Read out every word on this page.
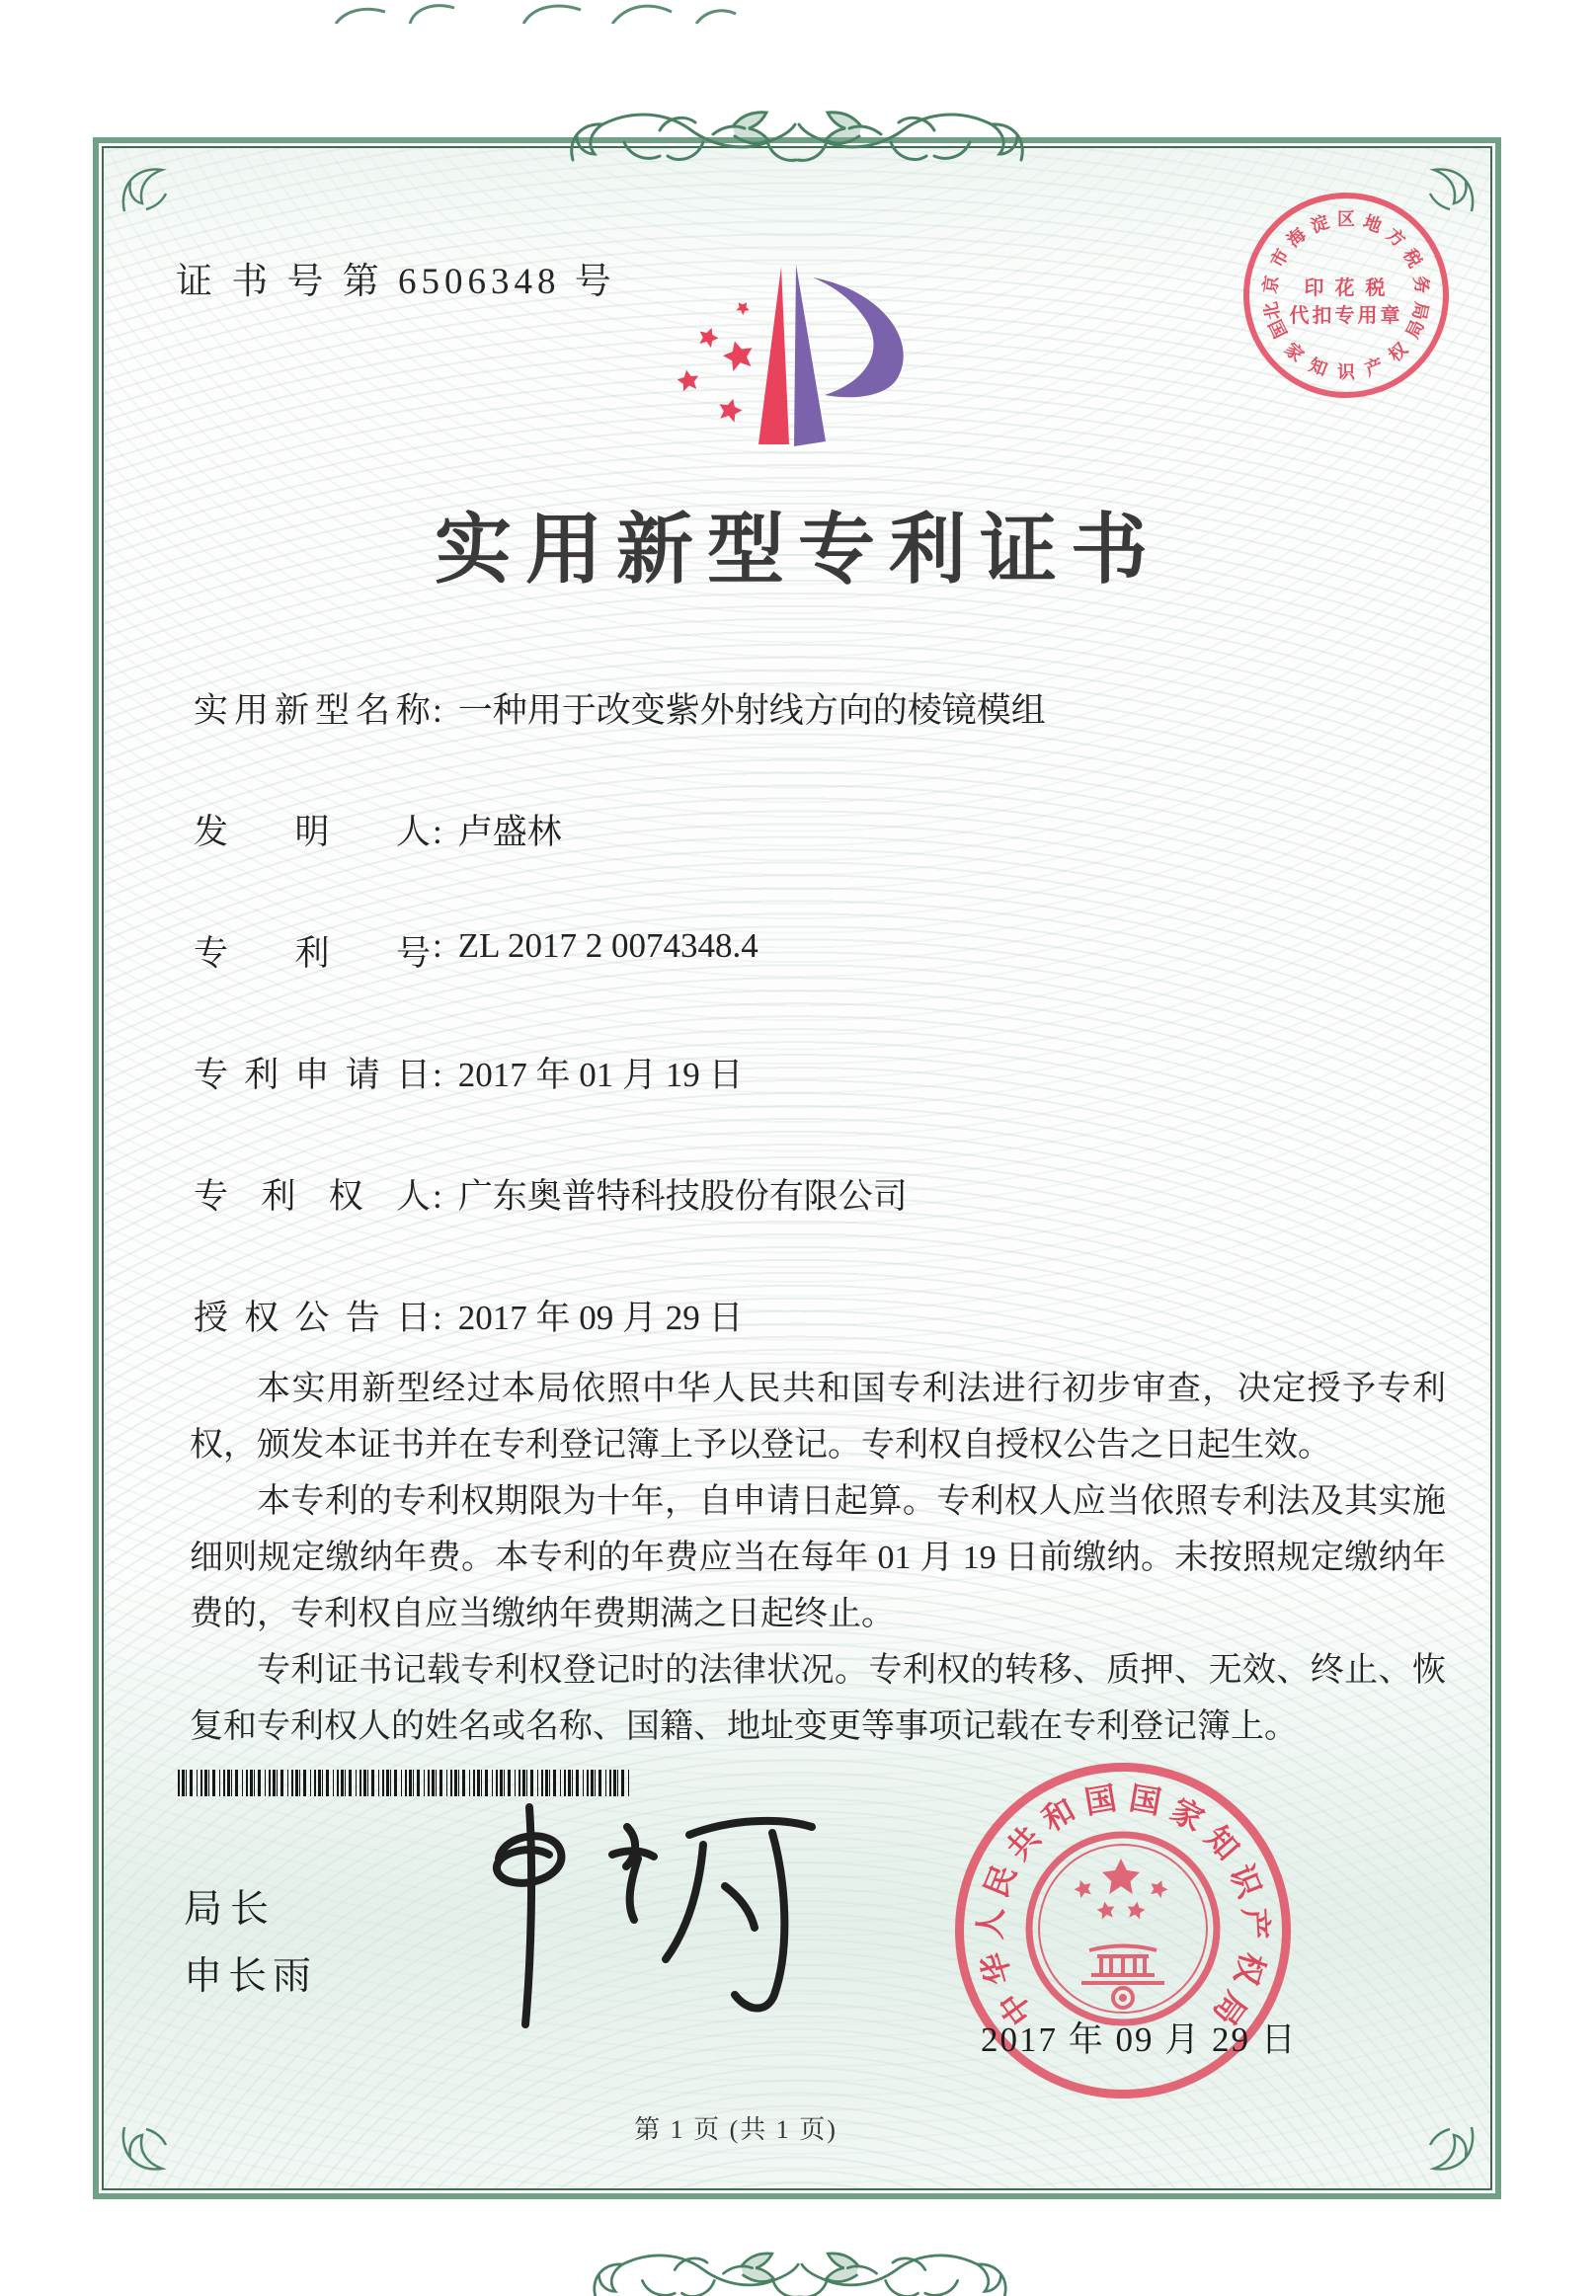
证 书 号 第 6506348 号
实用新型专利证书
实 用 新 型 名 称 : 一种用于改变紫外射线方向的棱镜模组
发 明 人 : 卢盛林
专 利 号 : ZL 2017 2 0074348.4
专 利 申 请 日 : 2017 年 01 月 19 日
专 利 权 人 : 广东奥普特科技股份有限公司
授 权 公 告 日 : 2017 年 09 月 29 日

本实用新型经过本局依照中华人民共和国专利法进行初步审查，决定授予专利权，颁发本证书并在专利登记簿上予以登记。专利权自授权公告之日起生效。

本专利的专利权期限为十年，自申请日起算。专利权人应当依照专利法及其实施细则规定缴纳年费。本专利的年费应当在每年 01 月 19 日前缴纳。未按照规定缴纳年费的，专利权自应当缴纳年费期满之日起终止。

专利证书记载专利权登记时的法律状况。专利权的转移、质押、无效、终止、恢复和专利权人的姓名或名称、国籍、地址变更等事项记载在专利登记簿上。

局长
申长雨
中
华
人
民
共
和 国 国 家
知
识
产
权
局
2017 年 09 月 29 日
北
京
市
海
淀 区 地
方
税
务
局
印 花 税
代扣专用章
国
家
知 识 产
权
局
第 1 页 (共 1 页)
